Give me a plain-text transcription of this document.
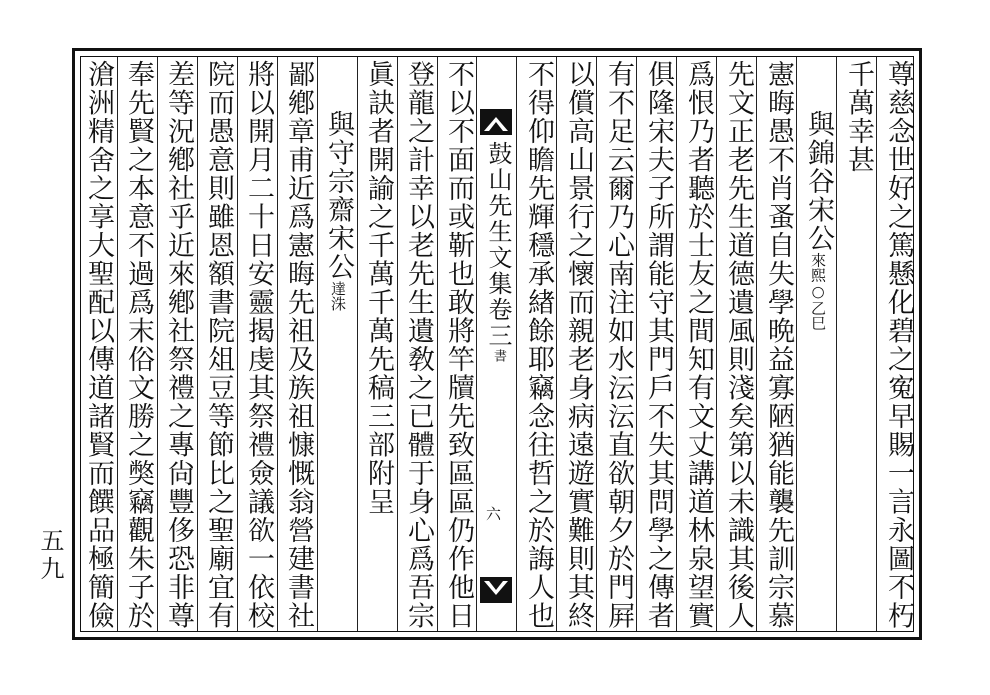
尊慈念世好之篤懸化碧之寃早賜一言永圖不朽
千萬幸甚
與錦谷宋公來熙○乙巳
憲晦愚不肖蚤自失學晩益寡陋猶能襲先訓宗慕
先文正老先生道德遺風則淺矣第以未識其後人
爲恨乃者聽於士友之間知有文丈講道林泉望實
俱隆宋夫子所謂能守其門戶不失其問學之傳者
有不足云爾乃心南注如水沄沄直欲朝夕於門屛
以償高山景行之懷而親老身病遠遊實難則其終
不得仰瞻先輝穩承緖餘耶竊念往哲之於誨人也
鼓山先生文集卷三書
六
不以不面而或靳也敢將竿牘先致區區仍作他日
登龍之計幸以老先生遺敎之已體于身心爲吾宗
眞訣者開諭之千萬千萬先稿三部附呈
與守宗齋宋公達洙
鄙鄕章甫近爲憲晦先祖及族祖慷慨翁營建書社
將以開月二十日安靈揭虔其祭禮僉議欲一依校
院而愚意則雖恩額書院俎豆等節比之聖廟宜有
差等況鄕社乎近來鄕社祭禮之專尙豐侈恐非尊
奉先賢之本意不過爲末俗文勝之獘竊觀朱子於
滄洲精舍之享大聖配以傳道諸賢而饌品極簡儉
五九
